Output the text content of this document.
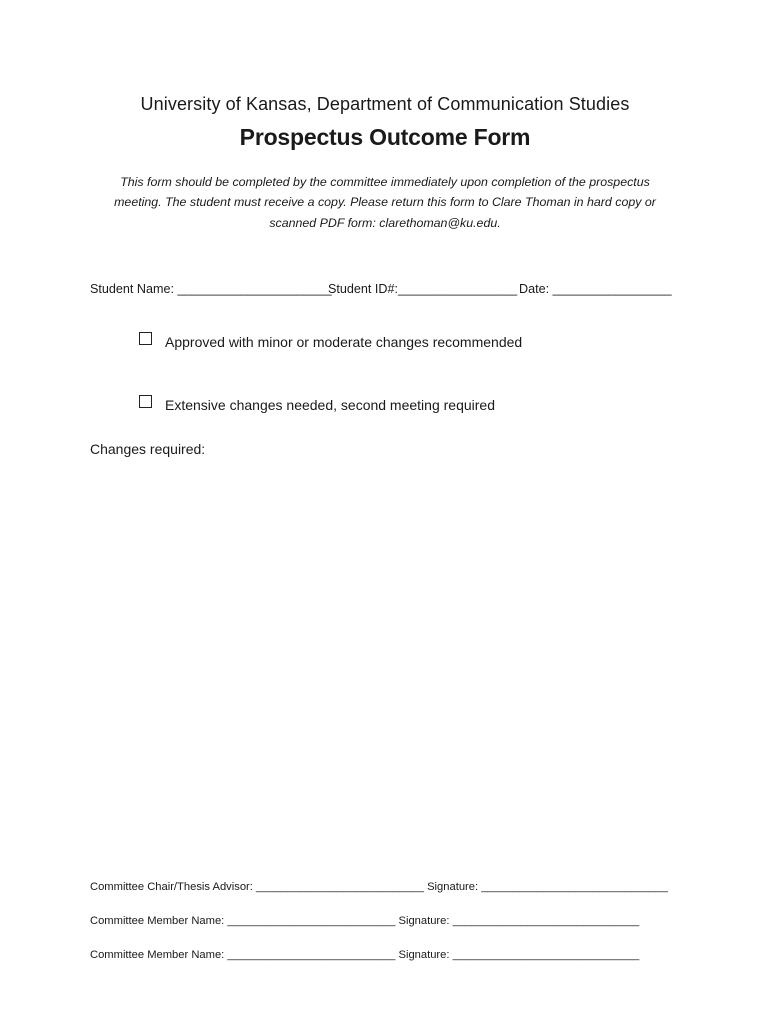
University of Kansas, Department of Communication Studies
Prospectus Outcome Form
This form should be completed by the committee immediately upon completion of the prospectus
meeting. The student must receive a copy. Please return this form to Clare Thoman in hard copy or
scanned PDF form: clarethoman@ku.edu.
Student Name: ______________________
Student ID#:_________________ Date: _________________
Approved with minor or moderate changes recommended
Extensive changes needed, second meeting required
Changes required:
Committee Chair/Thesis Advisor: ___________________________ Signature: ______________________________
Committee Member Name: ___________________________ Signature: ______________________________
Committee Member Name: ___________________________ Signature: ______________________________
